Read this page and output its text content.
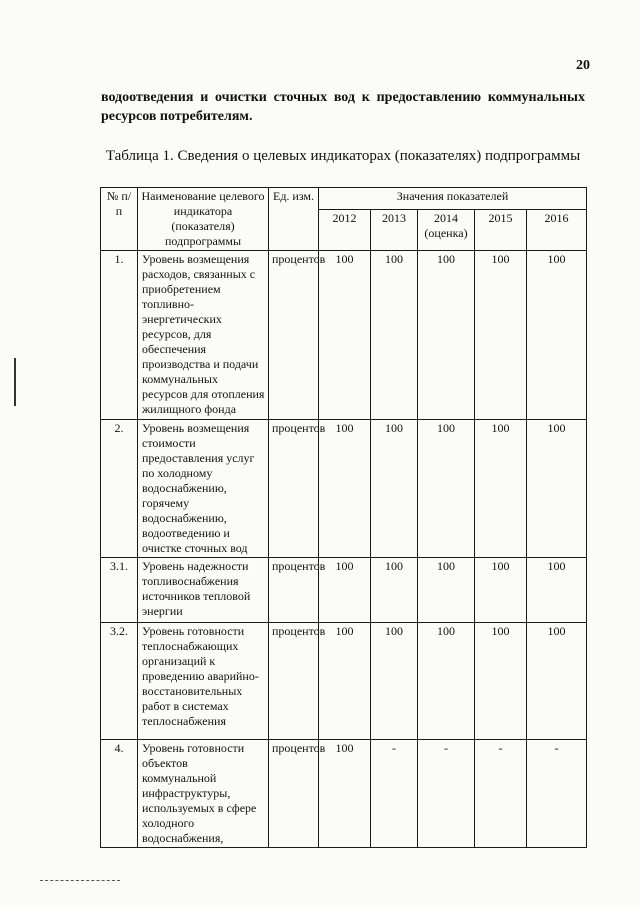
20
водоотведения и очистки сточных вод к предоставлению коммунальных ресурсов потребителям.
Таблица 1. Сведения о целевых индикаторах (показателях) подпрограммы
№ п/п	Наименование целевого индикатора (показателя) подпрограммы	Ед. изм.	Значения показателей				
			2012	2013	2014 (оценка)	2015	2016
1.	Уровень возмещения расходов, связанных с приобретением топливно-энергетических ресурсов, для обеспечения производства и подачи коммунальных ресурсов для отопления жилищного фонда	процентов	100	100	100	100	100
2.	Уровень возмещения стоимости предоставления услуг по холодному водоснабжению, горячему водоснабжению, водоотведению и очистке сточных вод	процентов	100	100	100	100	100
3.1.	Уровень надежности топливоснабжения источников тепловой энергии	процентов	100	100	100	100	100
3.2.	Уровень готовности теплоснабжающих организаций к проведению аварийно-восстановительных работ в системах теплоснабжения	процентов	100	100	100	100	100
4.	Уровень готовности объектов коммунальной инфраструктуры, используемых в сфере холодного водоснабжения,	процентов	100	-	-	-	-
